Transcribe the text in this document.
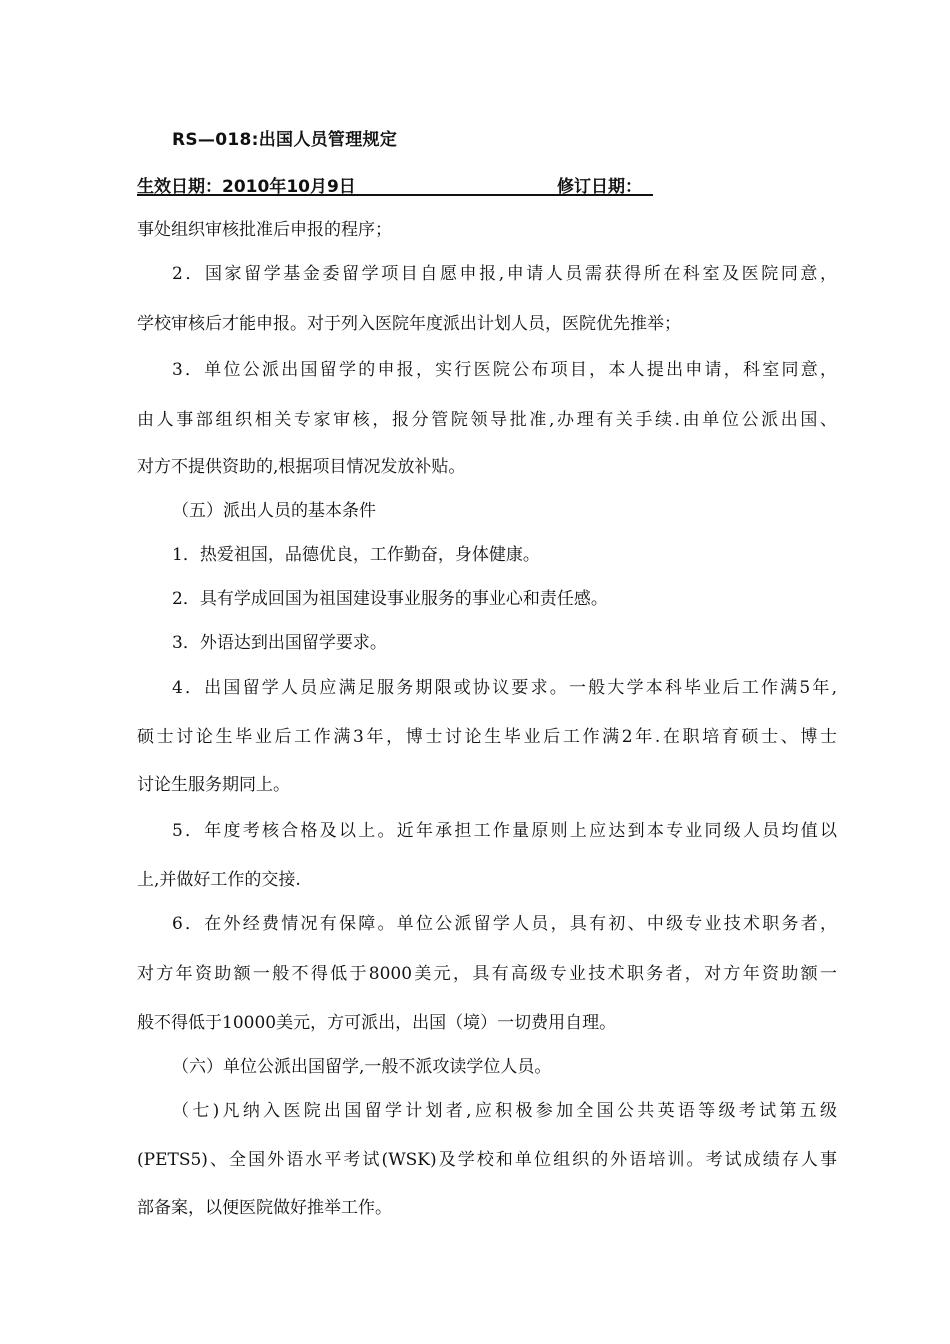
RS—018:出国人员管理规定
生效日期：2010年10月9日	修订日期：
事处组织审核批准后申报的程序；
2．国家留学基金委留学项目自愿申报,申请人员需获得所在科室及医院同意，
学校审核后才能申报。对于列入医院年度派出计划人员，医院优先推举；
3．单位公派出国留学的申报，实行医院公布项目，本人提出申请，科室同意，
由人事部组织相关专家审核，报分管院领导批准,办理有关手续.由单位公派出国、
对方不提供资助的,根据项目情况发放补贴。
（五）派出人员的基本条件
1．热爱祖国，品德优良，工作勤奋，身体健康。
2．具有学成回国为祖国建设事业服务的事业心和责任感。
3．外语达到出国留学要求。
4．出国留学人员应满足服务期限或协议要求。一般大学本科毕业后工作满5年,
硕士讨论生毕业后工作满3年，博士讨论生毕业后工作满2年.在职培育硕士、博士
讨论生服务期同上。
5．年度考核合格及以上。近年承担工作量原则上应达到本专业同级人员均值以
上,并做好工作的交接.
6．在外经费情况有保障。单位公派留学人员，具有初、中级专业技术职务者，
对方年资助额一般不得低于8000美元，具有高级专业技术职务者，对方年资助额一
般不得低于10000美元，方可派出，出国（境）一切费用自理。
（六）单位公派出国留学,一般不派攻读学位人员。
（七)凡纳入医院出国留学计划者,应积极参加全国公共英语等级考试第五级
(PETS5)、全国外语水平考试(WSK)及学校和单位组织的外语培训。考试成绩存人事
部备案，以便医院做好推举工作。
